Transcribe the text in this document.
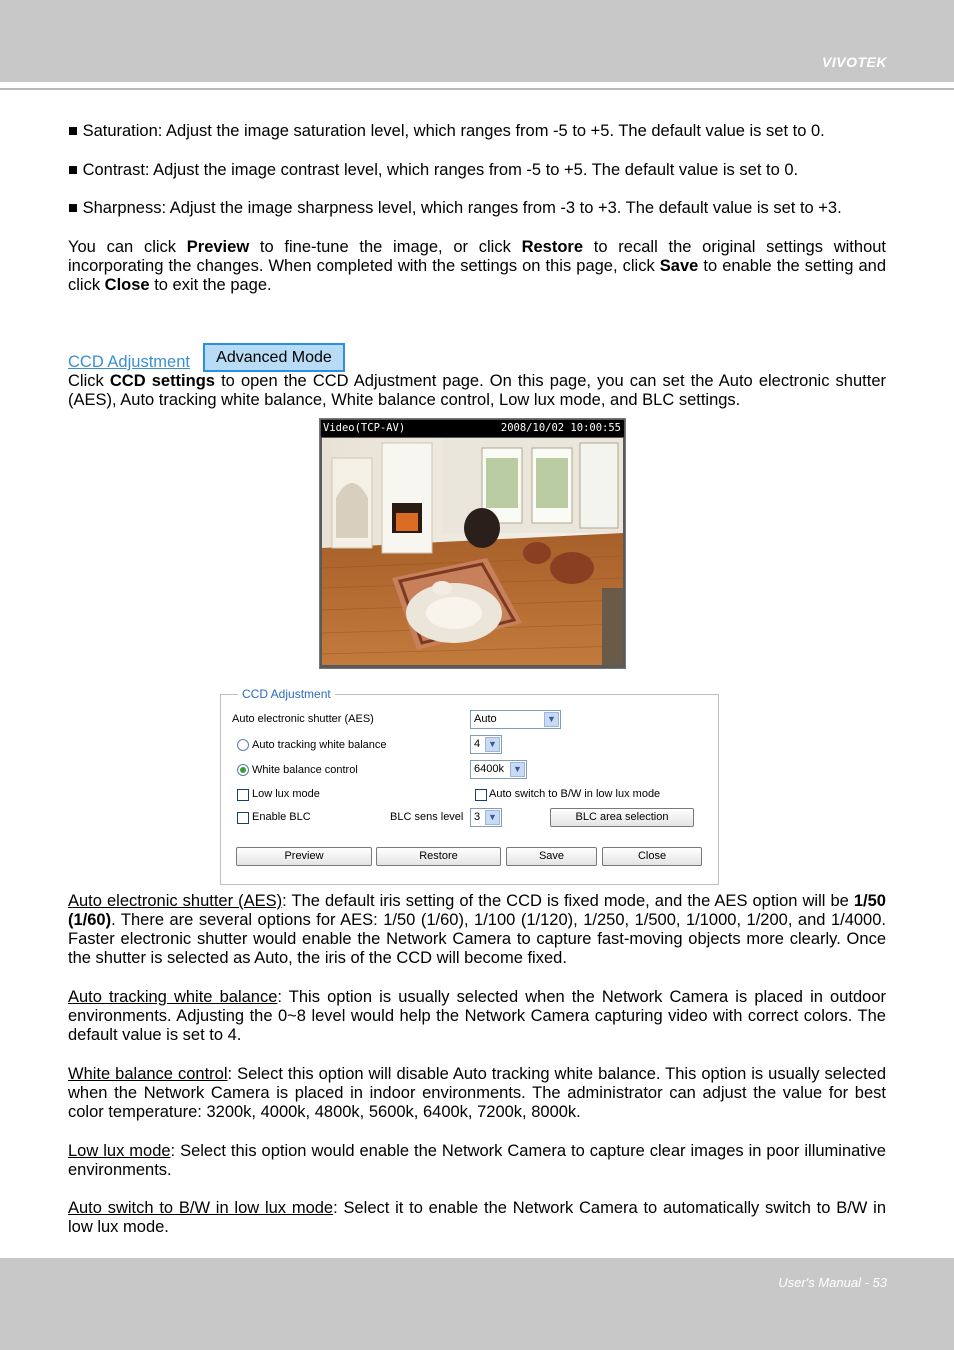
VIVOTEK
■ Saturation: Adjust the image saturation level, which ranges from -5 to +5. The default value is set to 0.
■ Contrast: Adjust the image contrast level, which ranges from -5 to +5. The default value is set to 0.
■ Sharpness: Adjust the image sharpness level, which ranges from -3 to +3. The default value is set to +3.
You can click Preview to fine-tune the image, or click Restore to recall the original settings without incorporating the changes. When completed with the settings on this page, click Save to enable the setting and click Close to exit the page.
CCD Adjustment	Advanced Mode
Click CCD settings to open the CCD Adjustment page. On this page, you can set the Auto electronic shutter (AES), Auto tracking white balance, White balance control, Low lux mode, and BLC settings.
Video(TCP-AV)	2008/10/02 10:00:55
CCD Adjustment
Auto electronic shutter (AES)	Auto	▼
Auto tracking white balance	4 ▼
White balance control	6400k	▼
Low lux mode	Auto switch to B/W in low lux mode
Enable BLC	BLC sens level 3 ▼	BLC area selection
Preview	Restore	Save	Close
Auto electronic shutter (AES): The default iris setting of the CCD is fixed mode, and the AES option will be 1/50 (1/60). There are several options for AES: 1/50 (1/60), 1/100 (1/120), 1/250, 1/500, 1/1000, 1/200, and 1/4000. Faster electronic shutter would enable the Network Camera to capture fast-moving objects more clearly. Once the shutter is selected as Auto, the iris of the CCD will become fixed.
Auto tracking white balance: This option is usually selected when the Network Camera is placed in outdoor environments. Adjusting the 0~8 level would help the Network Camera capturing video with correct colors. The default value is set to 4.
White balance control: Select this option will disable Auto tracking white balance. This option is usually selected when the Network Camera is placed in indoor environments. The administrator can adjust the value for best color temperature: 3200k, 4000k, 4800k, 5600k, 6400k, 7200k, 8000k.
Low lux mode: Select this option would enable the Network Camera to capture clear images in poor illuminative environments.
Auto switch to B/W in low lux mode: Select it to enable the Network Camera to automatically switch to B/W in low lux mode.
User's Manual - 53
